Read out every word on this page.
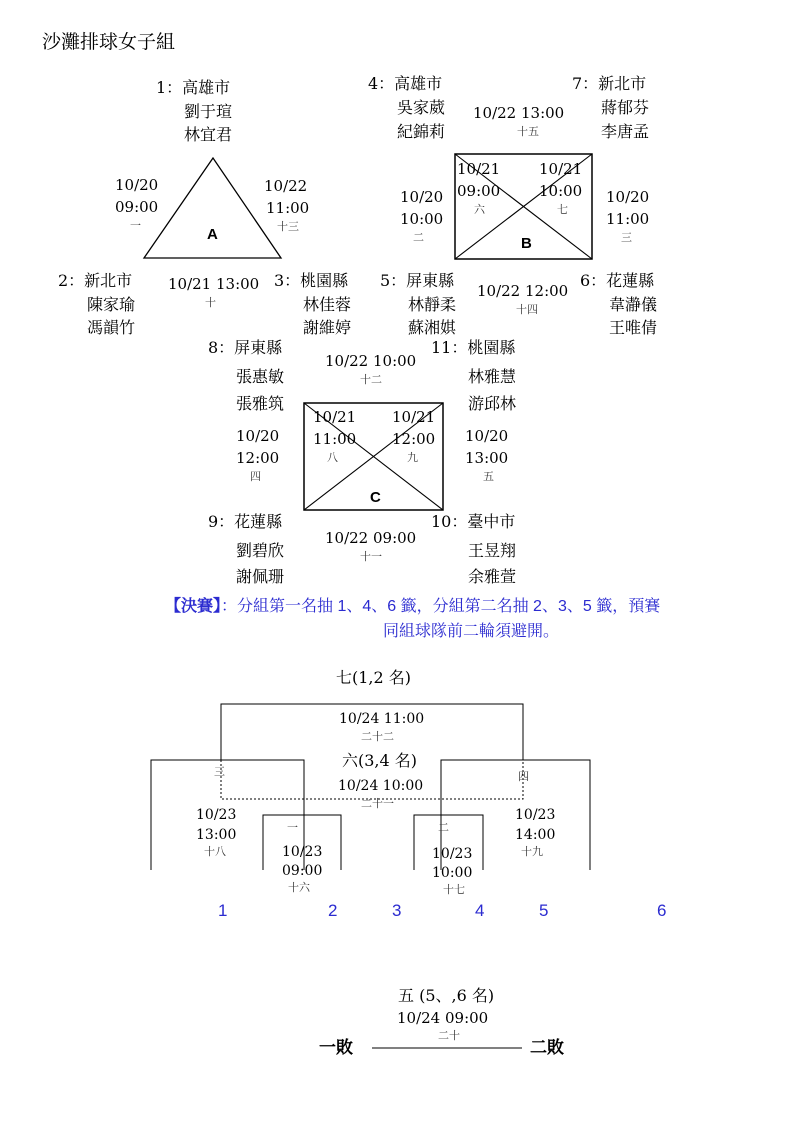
沙灘排球女子組
1：高雄市
劉于瑄
林宜君
2：新北市
陳家瑜
馮韻竹
3：桃園縣
林佳蓉
謝維婷
10/20
09:00
一
10/22
11:00
十三
10/21 13:00
十
A
4：高雄市
吳家葳
紀錦莉
7：新北市
蔣郁芬
李唐孟
5：屏東縣
林靜柔
蘇湘娸
6：花蓮縣
韋瀞儀
王唯倩
10/22 13:00
十五
10/21
09:00
六
10/21
10:00
七
10/20
10:00
二
10/20
11:00
三
10/22 12:00
十四
B
8：屏東縣
張惠敏
張雅筑
11：桃園縣
林雅慧
游邱林
9：花蓮縣
劉碧欣
謝佩珊
10：臺中市
王昱翔
余雅萱
10/22 10:00
十二
10/21
11:00
八
10/21
12:00
九
10/20
12:00
四
10/20
13:00
五
10/22 09:00
十一
C
【決賽】：分組第一名抽 1、4、6 籤，分組第二名抽 2、3、5 籤，預賽
同組球隊前二輪須避開。
七(1,2 名)
10/24 11:00
二十二
六(3,4 名)
10/24 10:00
二十一
三	四
10/23
13:00
十八
10/23
14:00
十九
一	二
10/23
09:00
十六
10/23
10:00
十七
1	2	3	4	5	6
五 (5、,6 名)
10/24 09:00
二十
一敗	二敗
